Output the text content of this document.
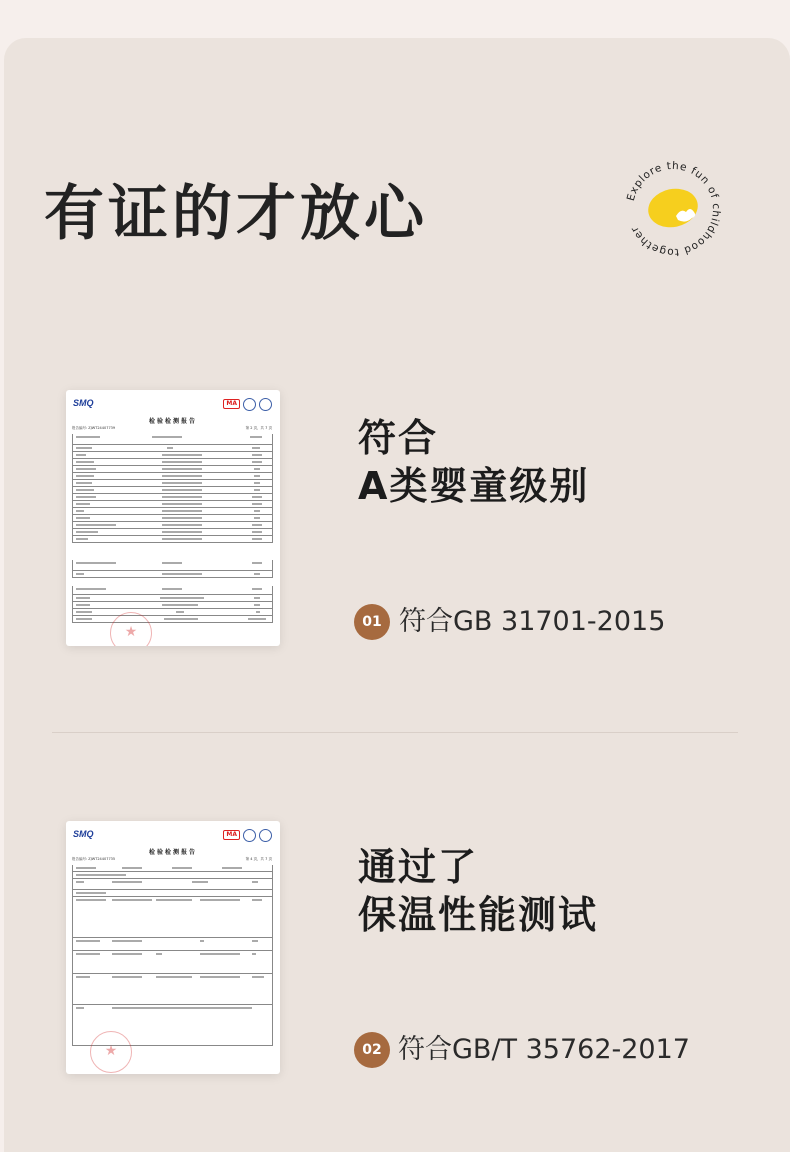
有证的才放心	Explore the fun of childhood together
SMQ	MA
检验检测报告
报告编号: ZJWT24407739	第 2 页，共 7 页
★ 符合
A类婴童级别
01 符合GB 31701-2015
SMQ	MA
检验检测报告
报告编号: ZJWT24407735	第 4 页，共 7 页
★ 通过了
保温性能测试
02 符合GB/T 35762-2017
